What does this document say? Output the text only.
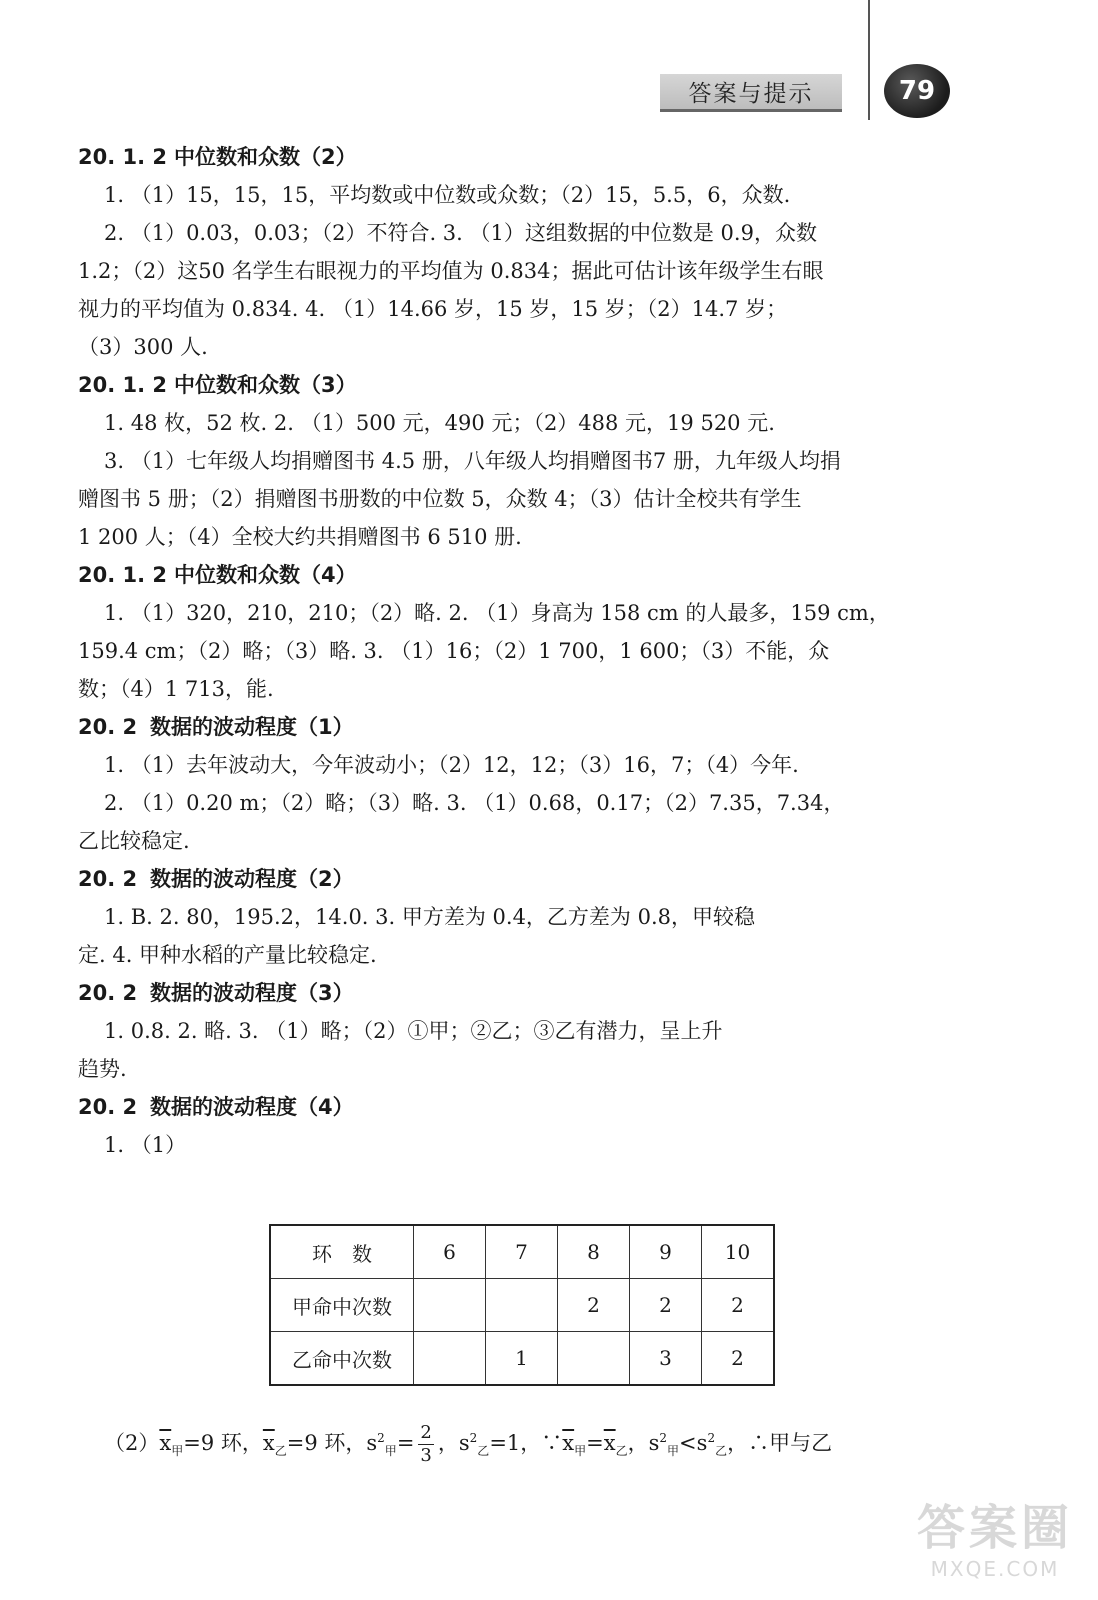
答案与提示	79
20. 1. 2 中位数和众数（2）
1. （1）15，15，15，平均数或中位数或众数；（2）15，5.5，6，众数.
2. （1）0.03，0.03；（2）不符合. 3. （1）这组数据的中位数是 0.9，众数
1.2；（2）这50 名学生右眼视力的平均值为 0.834；据此可估计该年级学生右眼
视力的平均值为 0.834. 4. （1）14.66 岁，15 岁，15 岁；（2）14.7 岁；
（3）300 人.
20. 1. 2 中位数和众数（3）
1. 48 枚，52 枚. 2. （1）500 元，490 元；（2）488 元，19 520 元.
3. （1）七年级人均捐赠图书 4.5 册，八年级人均捐赠图书7 册，九年级人均捐
赠图书 5 册；（2）捐赠图书册数的中位数 5，众数 4；（3）估计全校共有学生
1 200 人；（4）全校大约共捐赠图书 6 510 册.
20. 1. 2 中位数和众数（4）
1. （1）320，210，210；（2）略. 2. （1）身高为 158 cm 的人最多，159 cm，
159.4 cm；（2）略；（3）略. 3. （1）16；（2）1 700，1 600；（3）不能，众
数；（4）1 713，能.
20. 2 数据的波动程度（1）
1. （1）去年波动大，今年波动小；（2）12，12；（3）16，7；（4）今年.
2. （1）0.20 m；（2）略；（3）略. 3. （1）0.68，0.17；（2）7.35，7.34，
乙比较稳定.
20. 2 数据的波动程度（2）
1. B. 2. 80，195.2，14.0. 3. 甲方差为 0.4，乙方差为 0.8，甲较稳
定. 4. 甲种水稻的产量比较稳定.
20. 2 数据的波动程度（3）
1. 0.8. 2. 略. 3. （1）略；（2）①甲；②乙；③乙有潜力，呈上升
趋势.
20. 2 数据的波动程度（4）
1. （1）
环　数	6	7	8	9	10
甲命中次数			2	2	2
乙命中次数		1		3	2
$(2)\overline{x}_甲=9$ 环，$\overline{x}_乙=9$ 环，$s^2_甲= \frac{2}{3}$ ，$s^2_乙=1$，$\because\overline{x}_甲=\overline{x}_乙$，$s^2_甲<s^2_乙$，∴甲与乙
答案圈
MXQE.COM
